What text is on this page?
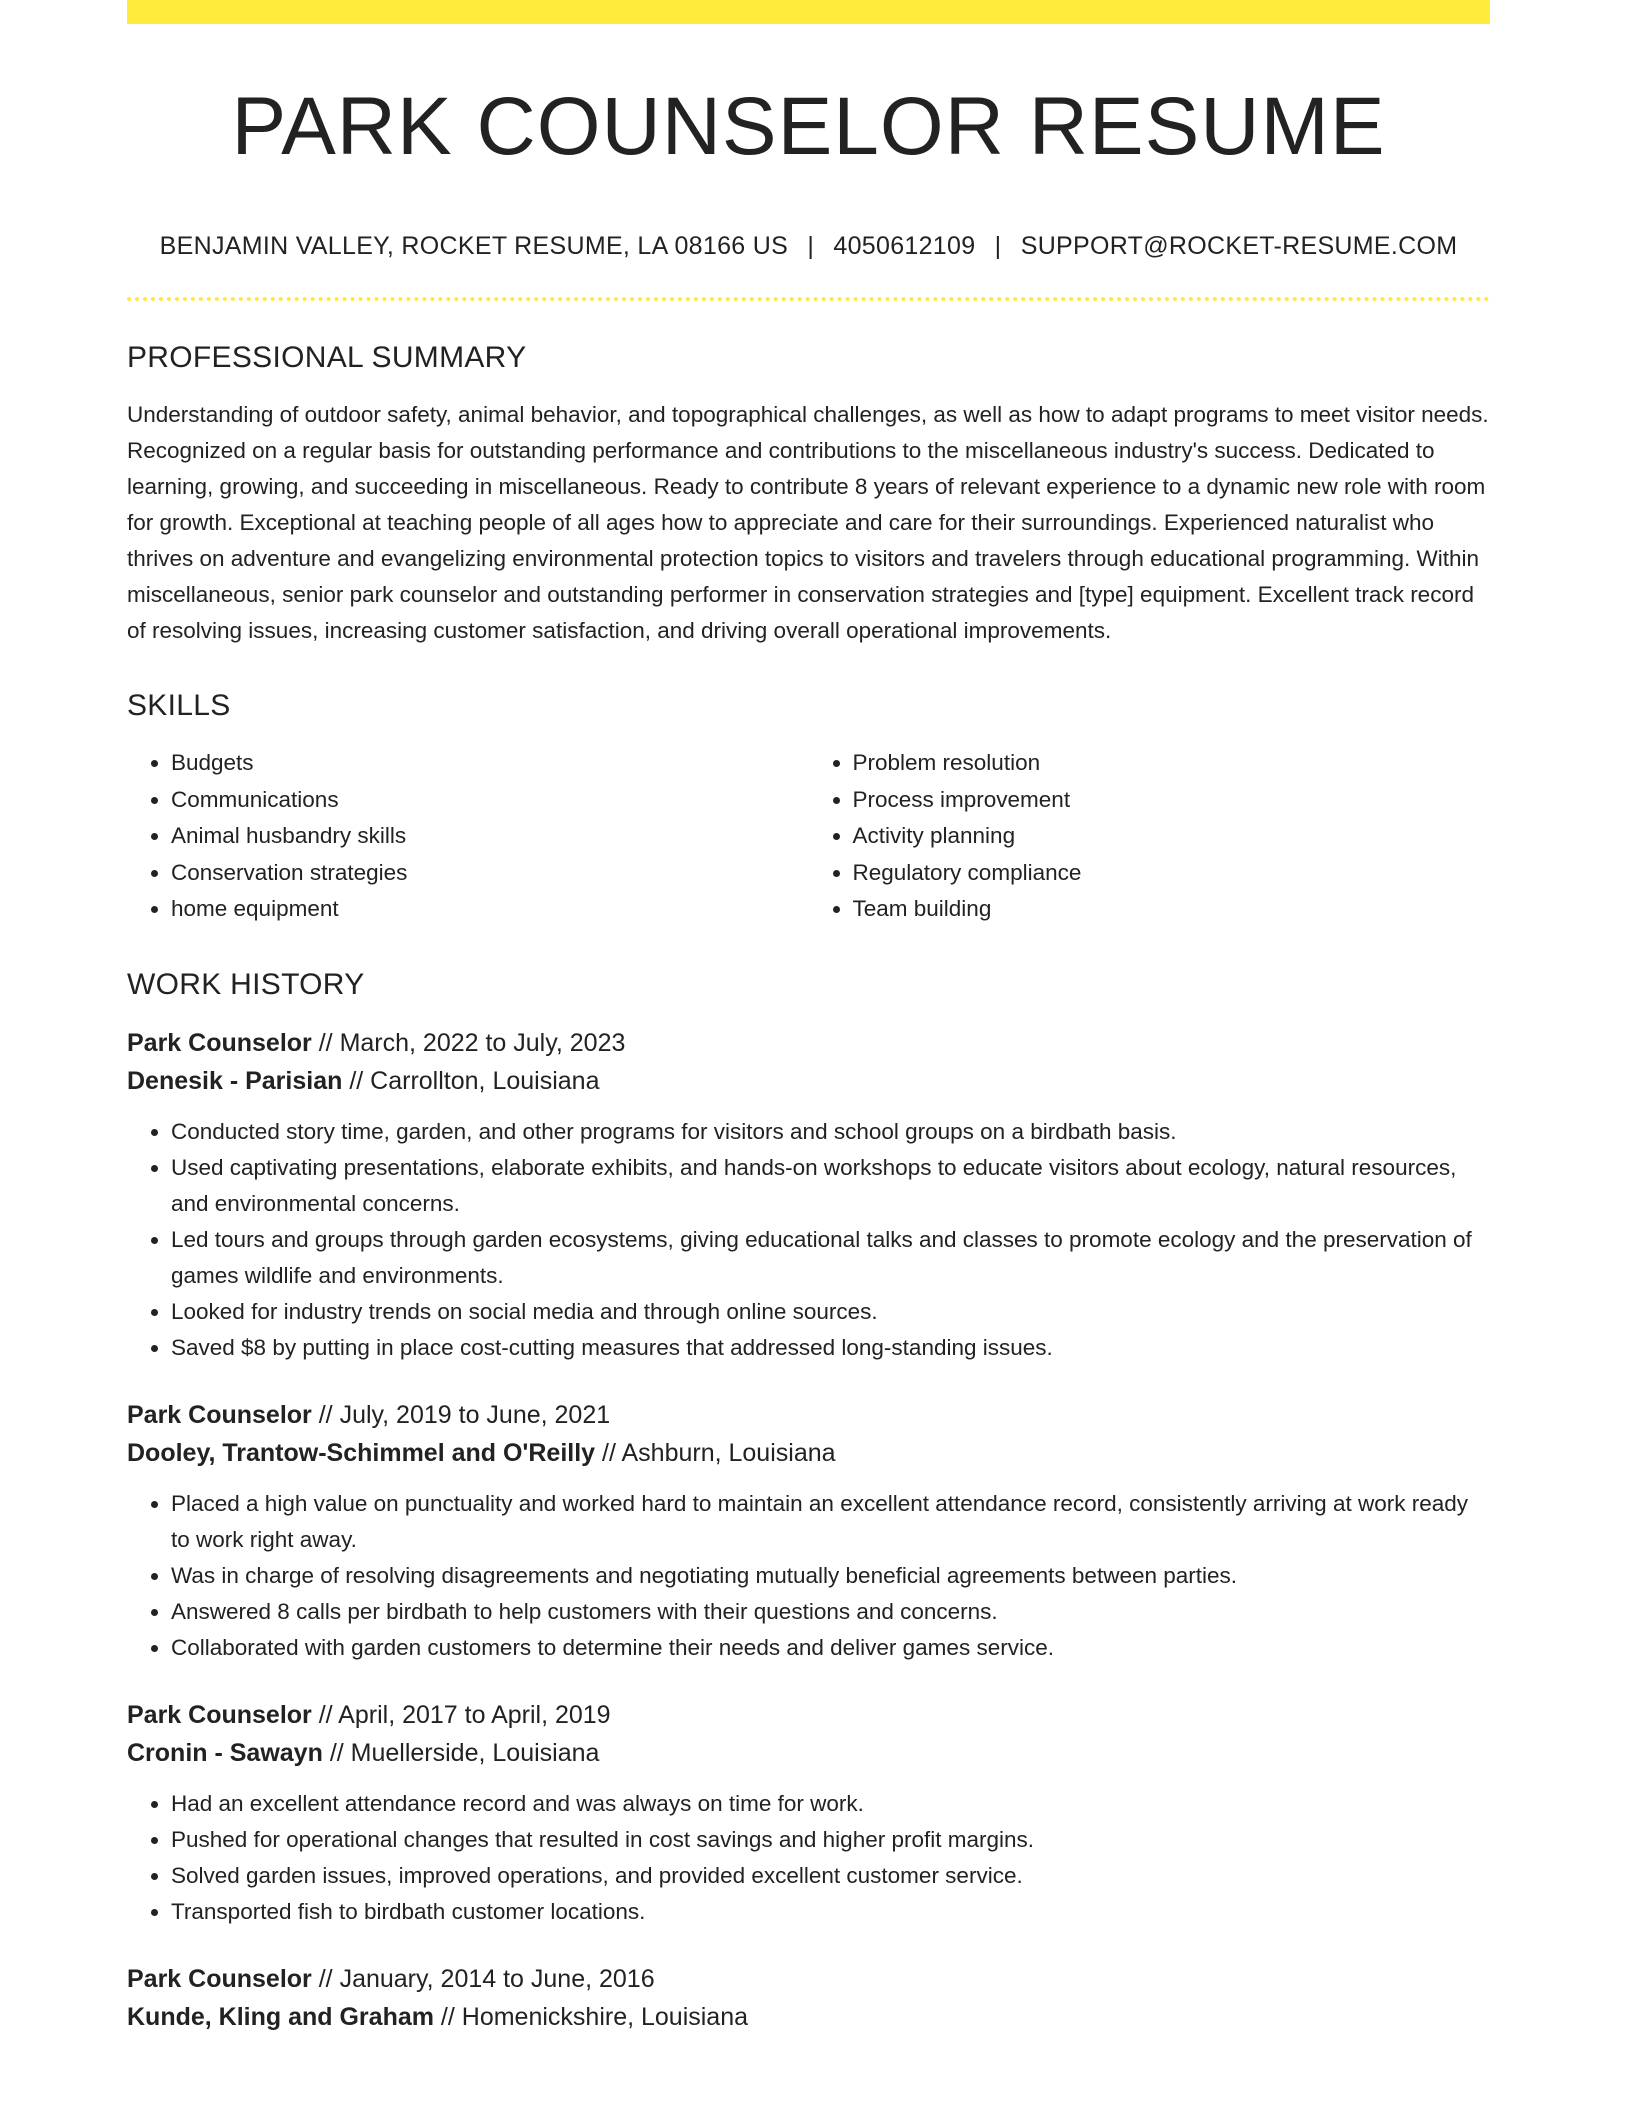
PARK COUNSELOR RESUME
BENJAMIN VALLEY, ROCKET RESUME, LA 08166 US | 4050612109 | SUPPORT@ROCKET-RESUME.COM
PROFESSIONAL SUMMARY

Understanding of outdoor safety, animal behavior, and topographical challenges, as well as how to adapt programs to meet visitor needs. Recognized on a regular basis for outstanding performance and contributions to the miscellaneous industry's success. Dedicated to learning, growing, and succeeding in miscellaneous. Ready to contribute 8 years of relevant experience to a dynamic new role with room for growth. Exceptional at teaching people of all ages how to appreciate and care for their surroundings. Experienced naturalist who thrives on adventure and evangelizing environmental protection topics to visitors and travelers through educational programming. Within miscellaneous, senior park counselor and outstanding performer in conservation strategies and [type] equipment. Excellent track record of resolving issues, increasing customer satisfaction, and driving overall operational improvements.

SKILLS
• Budgets
• Communications
• Animal husbandry skills
• Conservation strategies
• home equipment
• Problem resolution
• Process improvement
• Activity planning
• Regulatory compliance
• Team building
WORK HISTORY

Park Counselor // March, 2022 to July, 2023

Denesik - Parisian // Carrollton, Louisiana

• Conducted story time, garden, and other programs for visitors and school groups on a birdbath basis.
• Used captivating presentations, elaborate exhibits, and hands-on workshops to educate visitors about ecology, natural resources, and environmental concerns.
• Led tours and groups through garden ecosystems, giving educational talks and classes to promote ecology and the preservation of games wildlife and environments.
• Looked for industry trends on social media and through online sources.
• Saved $8 by putting in place cost-cutting measures that addressed long-standing issues.

Park Counselor // July, 2019 to June, 2021

Dooley, Trantow-Schimmel and O'Reilly // Ashburn, Louisiana

• Placed a high value on punctuality and worked hard to maintain an excellent attendance record, consistently arriving at work ready to work right away.
• Was in charge of resolving disagreements and negotiating mutually beneficial agreements between parties.
• Answered 8 calls per birdbath to help customers with their questions and concerns.
• Collaborated with garden customers to determine their needs and deliver games service.

Park Counselor // April, 2017 to April, 2019

Cronin - Sawayn // Muellerside, Louisiana

• Had an excellent attendance record and was always on time for work.
• Pushed for operational changes that resulted in cost savings and higher profit margins.
• Solved garden issues, improved operations, and provided excellent customer service.
• Transported fish to birdbath customer locations.

Park Counselor // January, 2014 to June, 2016

Kunde, Kling and Graham // Homenickshire, Louisiana
